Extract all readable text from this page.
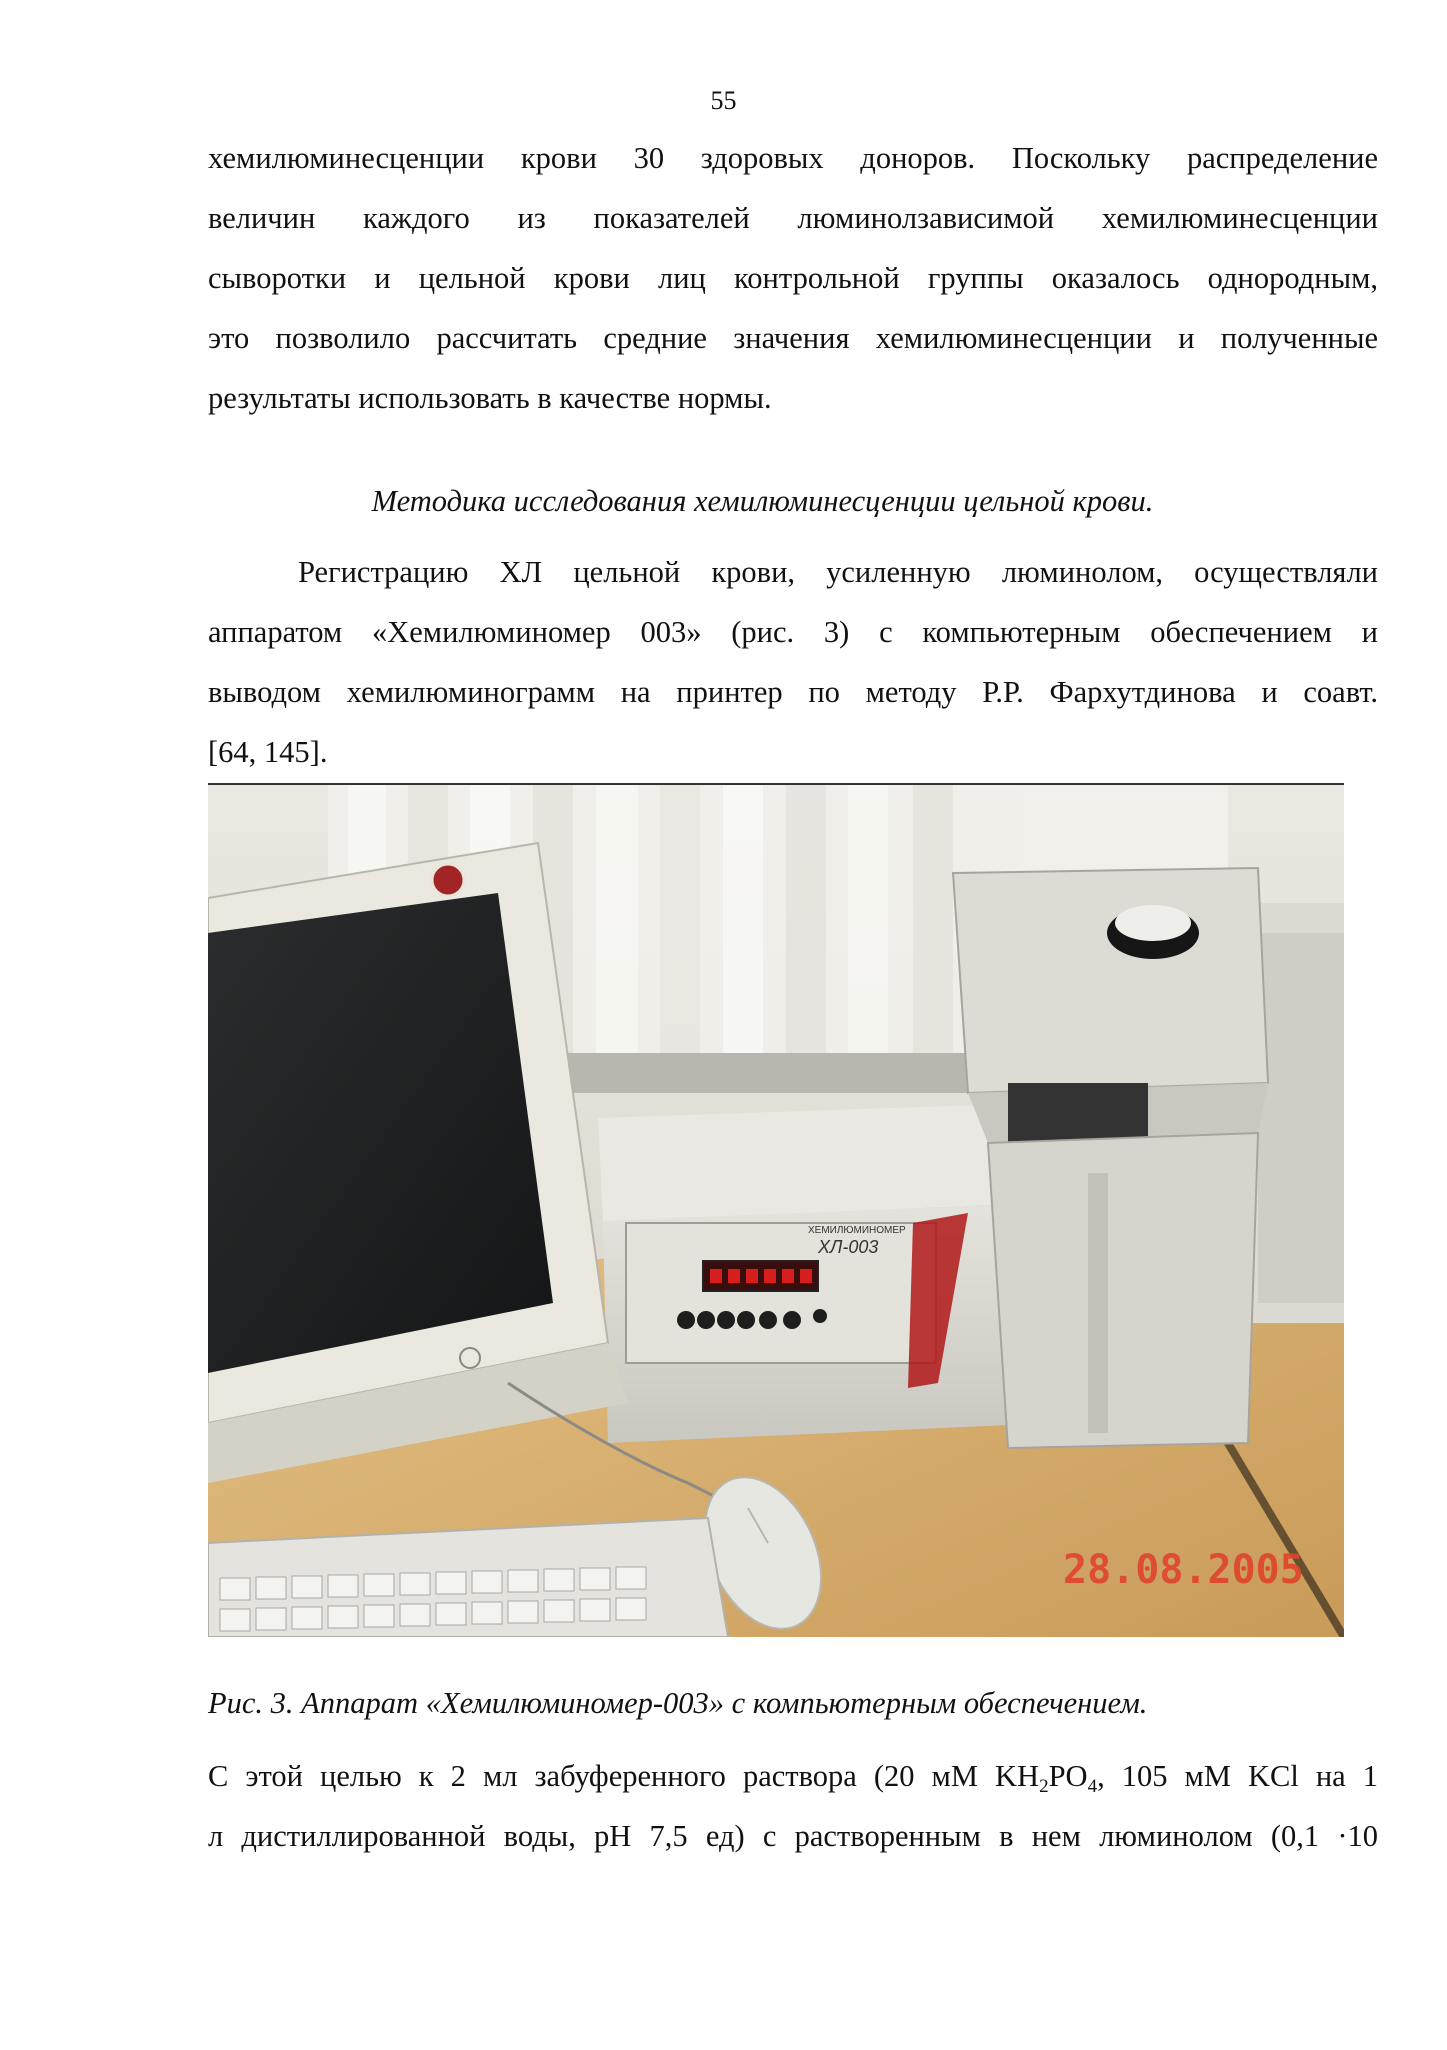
55
хемилюминесценции крови 30 здоровых доноров. Поскольку распределение
величин каждого из показателей люминолзависимой хемилюминесценции
сыворотки и цельной крови лиц контрольной группы оказалось однородным,
это позволило рассчитать средние значения хемилюминесценции и полученные
результаты использовать в качестве нормы.
Методика исследования хемилюминесценции цельной крови.
Регистрацию ХЛ цельной крови, усиленную люминолом, осуществляли
аппаратом «Хемилюминомер 003» (рис. 3) с компьютерным обеспечением и
выводом хемилюминограмм на принтер по методу Р.Р. Фархутдинова и соавт.
[64, 145].
ХЕМИЛЮМИНОМЕР
ХЛ-003
28.08.2005
Рис. 3. Аппарат «Хемилюминомер-003» с компьютерным обеспечением.
С этой целью к 2 мл забуференного раствора (20 мМ $KH_2PO_4$, 105 мМ KCl на 1
л дистиллированной воды, pH 7,5 ед) с растворенным в нем люминолом (0,1 ·10
